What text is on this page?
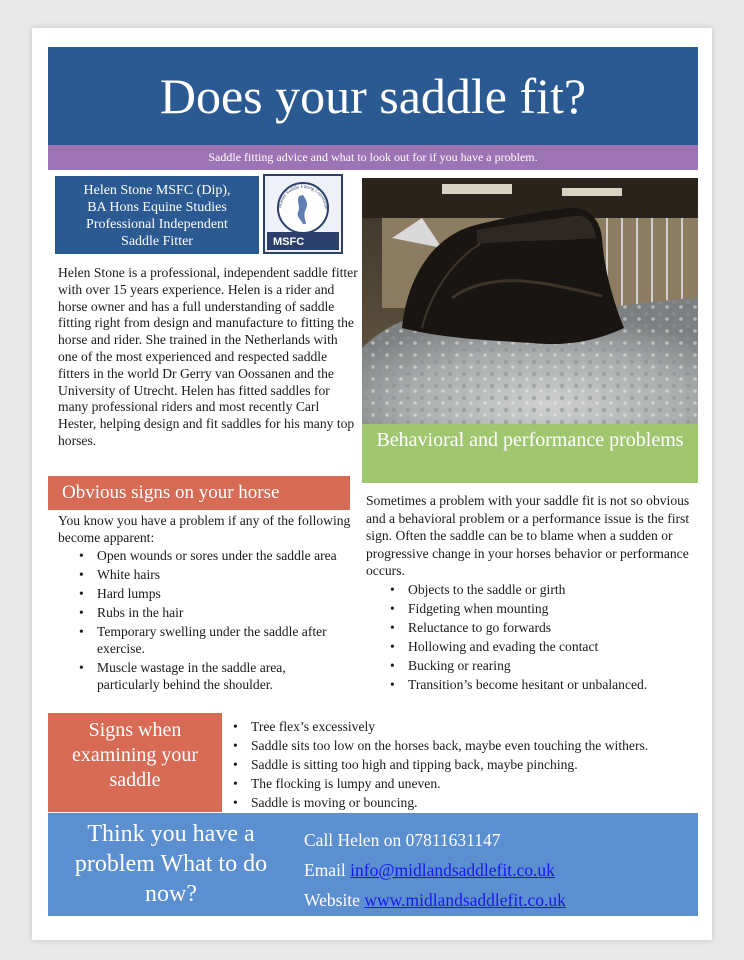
Does your saddle fit?
Saddle fitting advice and what to look out for if you have a problem.
Helen Stone MSFC (Dip),
BA Hons Equine Studies
Professional Independent
Saddle Fitter
Master Saddle Fitting Consultant
MSFC
Helen Stone is a professional, independent saddle fitter with over 15 years experience. Helen is a rider and horse owner and has a full understanding of saddle fitting right from design and manufacture to fitting the horse and rider. She trained in the Netherlands with one of the most experienced and respected saddle fitters in the world Dr Gerry van Oossanen and the University of Utrecht. Helen has fitted saddles for many professional riders and most recently Carl Hester, helping design and fit saddles for his many top horses.	Behavioral and performance problems
Obvious signs on your horse
You know you have a problem if any of the following become apparent:
• Open wounds or sores under the saddle area
• White hairs
• Hard lumps
• Rubs in the hair
• Temporary swelling under the saddle after exercise.
• Muscle wastage in the saddle area, particularly behind the shoulder.
Sometimes a problem with your saddle fit is not so obvious and a behavioral problem or a performance issue is the first sign. Often the saddle can be to blame when a sudden or progressive change in your horses behavior or performance occurs.
• Objects to the saddle or girth
• Fidgeting when mounting
• Reluctance to go forwards
• Hollowing and evading the contact
• Bucking or rearing
• Transition’s become hesitant or unbalanced.
Signs when examining your saddle
• Tree flex’s excessively
• Saddle sits too low on the horses back, maybe even touching the withers.
• Saddle is sitting too high and tipping back, maybe pinching.
• The flocking is lumpy and uneven.
• Saddle is moving or bouncing.
Think you have a problem What to do now?
Call Helen on 07811631147
Email info@midlandsaddlefit.co.uk
Website www.midlandsaddlefit.co.uk
